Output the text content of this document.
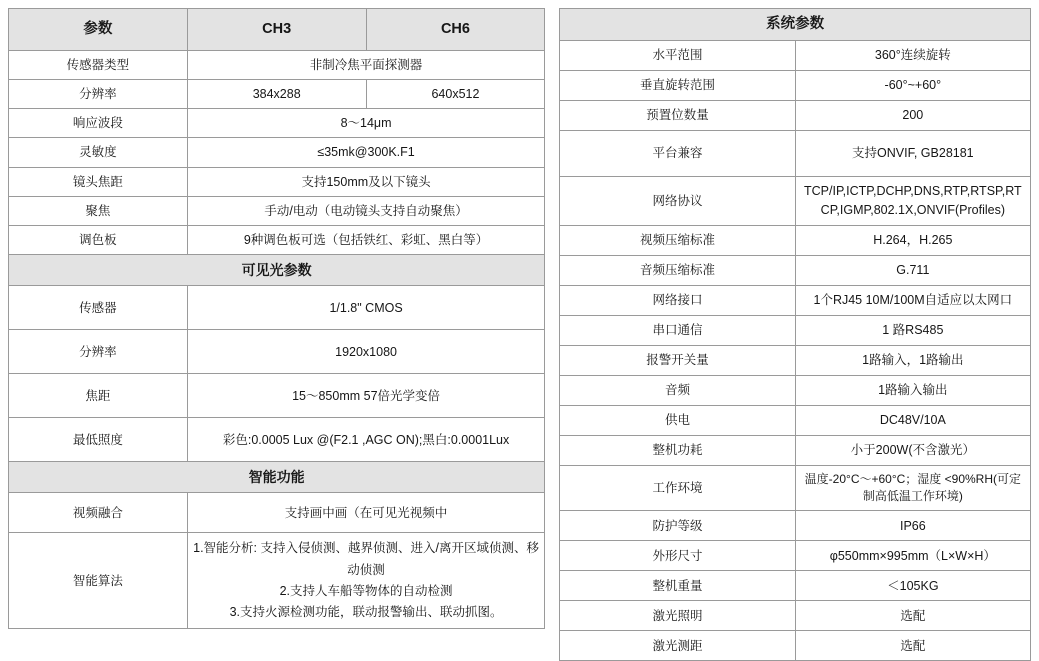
参数	CH3	CH6
传感器类型	非制冷焦平面探测器	
分辨率	384x288	640x512
响应波段	8～14μm	
灵敏度	≤35mk@300K.F1	
镜头焦距	支持150mm及以下镜头	
聚焦	手动/电动（电动镜头支持自动聚焦）	
调色板	9种调色板可选（包括铁红、彩虹、黑白等）	
可见光参数		
传感器	1/1.8" CMOS	
分辨率	1920x1080	
焦距	15～850mm 57倍光学变倍	
最低照度	彩色:0.0005 Lux @(F2.1 ,AGC ON);黑白:0.0001Lux	
智能功能		
视频融合	支持画中画（在可见光视频中	
智能算法	1.智能分析: 支持入侵侦测、越界侦测、进入/离开区域侦测、移动侦测
2.支持人车船等物体的自动检测
3.支持火源检测功能，联动报警输出、联动抓图。	
系统参数	
水平范围	360°连续旋转
垂直旋转范围	-60°~+60°
预置位数量	200
平台兼容	支持ONVIF, GB28181
网络协议	TCP/IP,ICTP,DCHP,DNS,RTP,RTSP,RTCP,IGMP,802.1X,ONVIF(Profiles)
视频压缩标准	H.264，H.265
音频压缩标准	G.711
网络接口	1个RJ45 10M/100M自适应以太网口
串口通信	1 路RS485
报警开关量	1路输入，1路输出
音频	1路输入输出
供电	DC48V/10A
整机功耗	小于200W(不含激光）
工作环境	温度-20°C～+60°C；湿度 <90%RH(可定制高低温工作环境)
防护等级	IP66
外形尺寸	φ550mm×995mm（L×W×H）
整机重量	＜105KG
激光照明	选配
激光测距	选配
